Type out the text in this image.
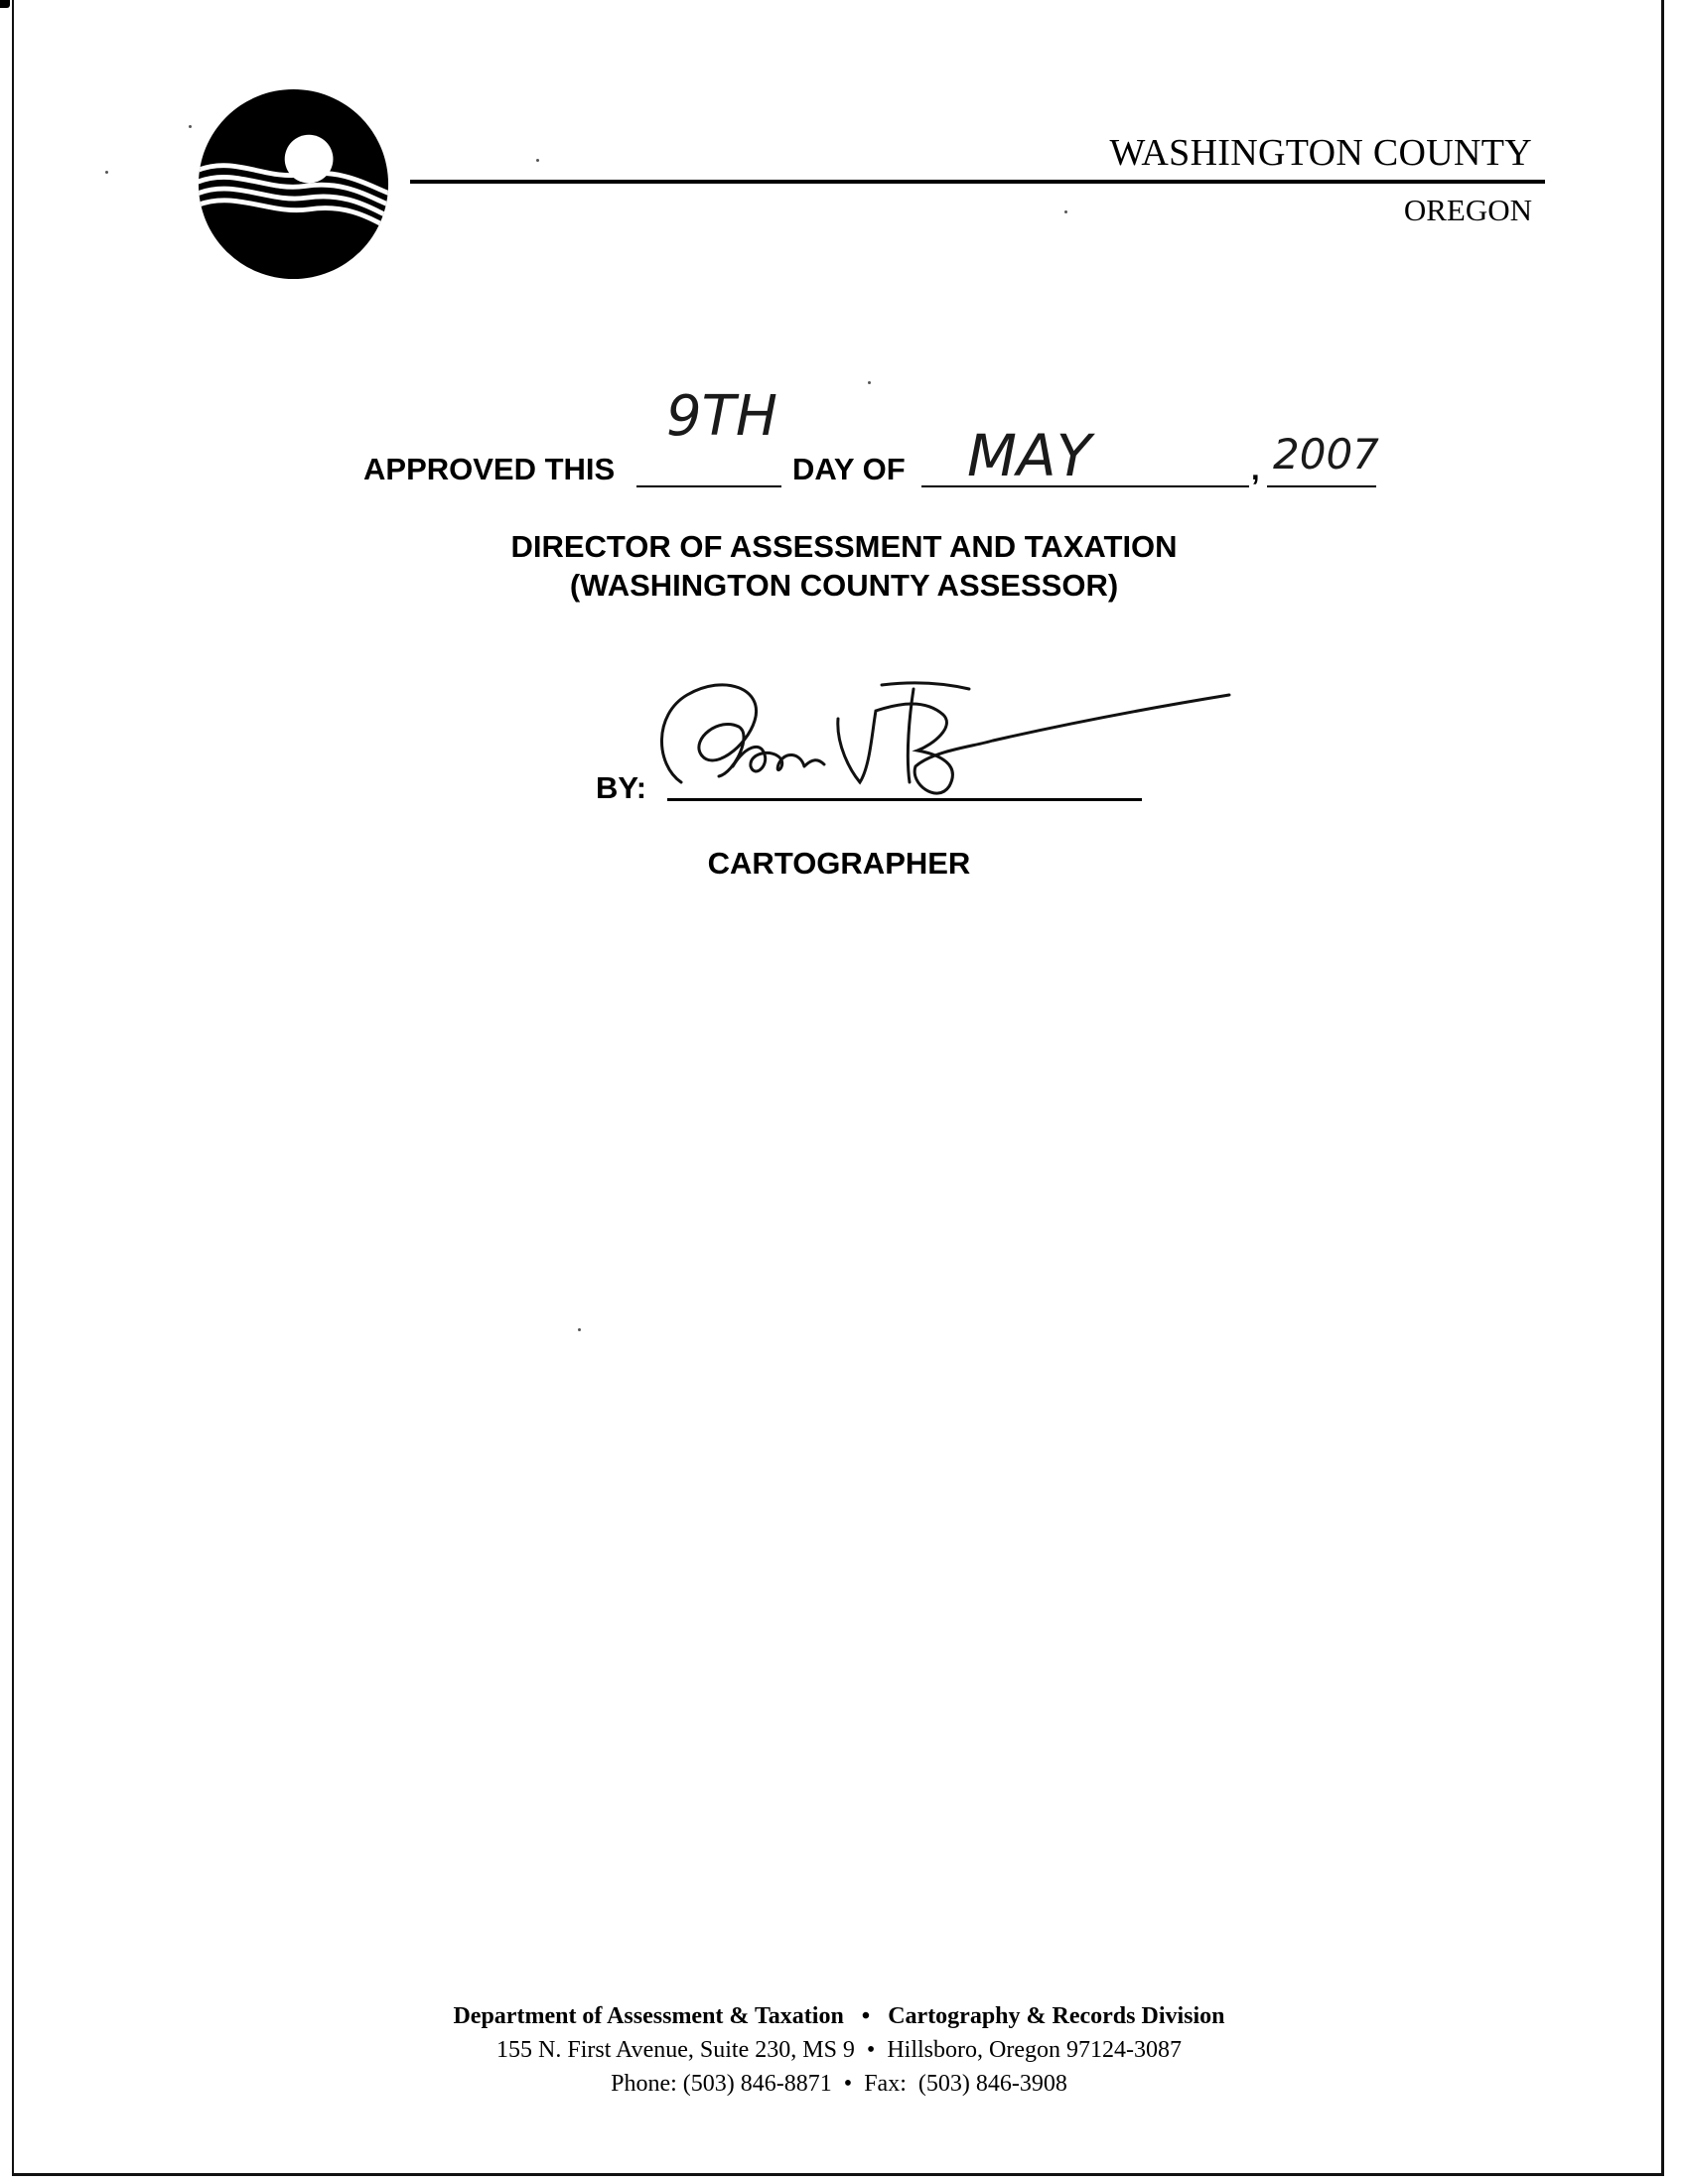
WASHINGTON COUNTY
OREGON
APPROVED THIS
9TH
DAY OF MAY	, 2007
DIRECTOR OF ASSESSMENT AND TAXATION
(WASHINGTON COUNTY ASSESSOR)
BY:
CARTOGRAPHER
Department of Assessment & Taxation • Cartography & Records Division
155 N. First Avenue, Suite 230, MS 9 • Hillsboro, Oregon 97124-3087
Phone: (503) 846-8871 • Fax:  (503) 846-3908
